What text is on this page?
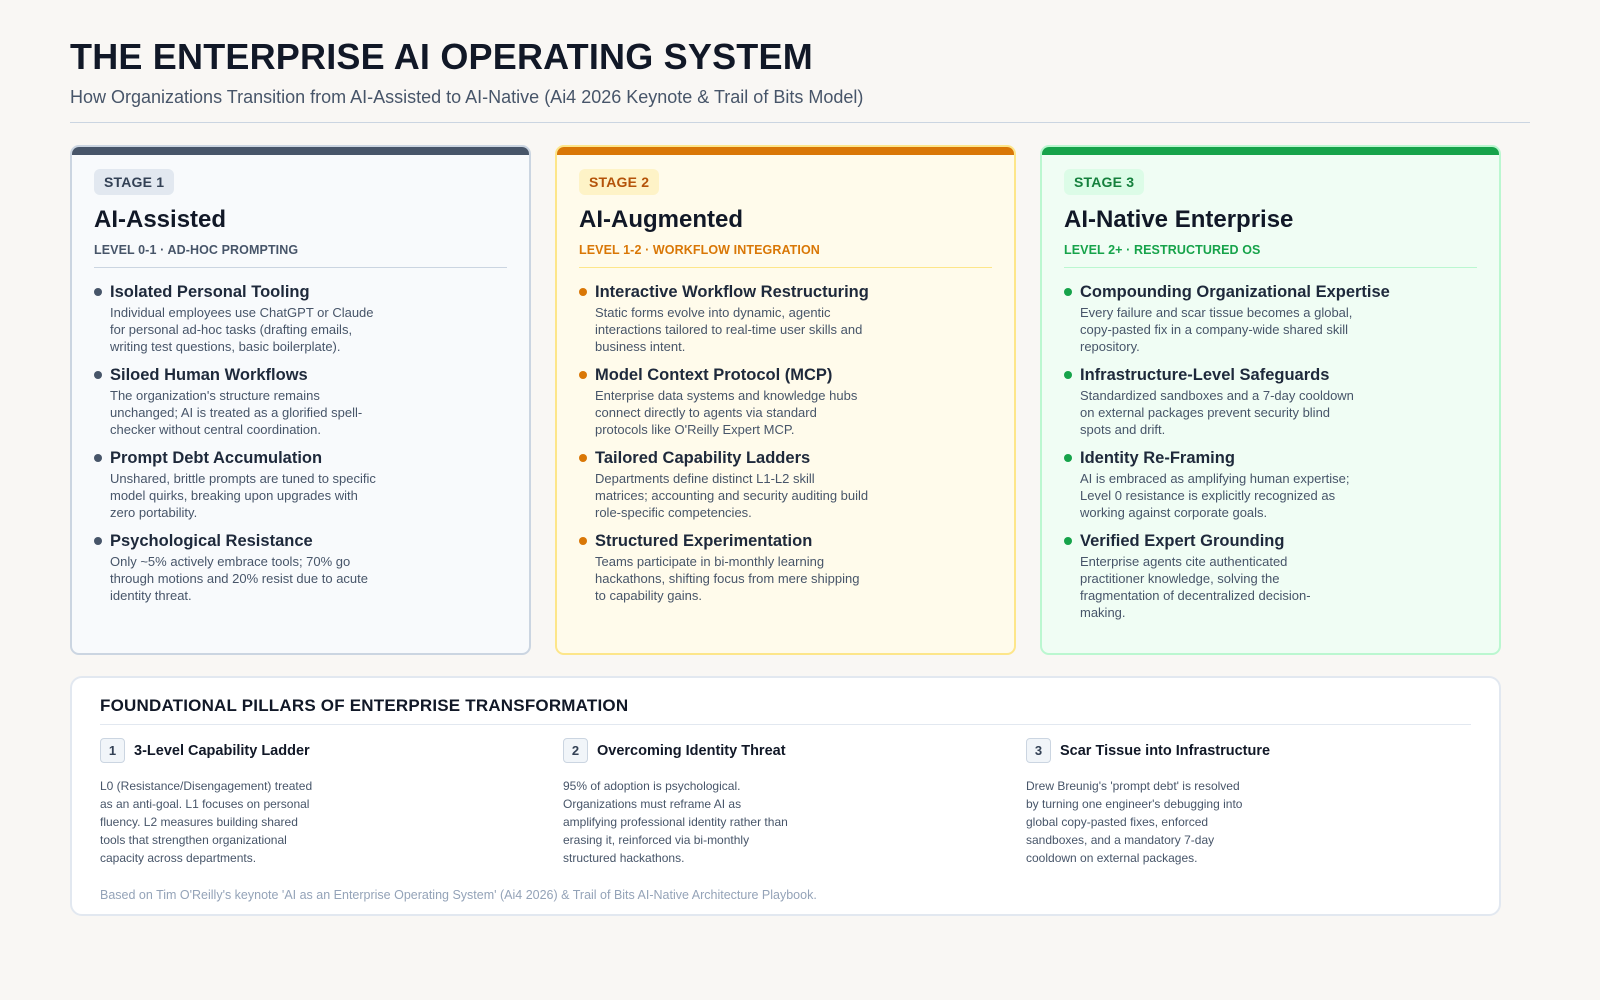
THE ENTERPRISE AI OPERATING SYSTEM
How Organizations Transition from AI-Assisted to AI-Native (Ai4 2026 Keynote & Trail of Bits Model)
STAGE 1
AI-Assisted
LEVEL 0-1 · AD-HOC PROMPTING
Isolated Personal Tooling
Individual employees use ChatGPT or Claude for personal ad-hoc tasks (drafting emails, writing test questions, basic boilerplate).
Siloed Human Workflows
The organization's structure remains unchanged; AI is treated as a glorified spell-checker without central coordination.
Prompt Debt Accumulation
Unshared, brittle prompts are tuned to specific model quirks, breaking upon upgrades with zero portability.
Psychological Resistance
Only ~5% actively embrace tools; 70% go through motions and 20% resist due to acute identity threat.
STAGE 2
AI-Augmented
LEVEL 1-2 · WORKFLOW INTEGRATION
Interactive Workflow Restructuring
Static forms evolve into dynamic, agentic interactions tailored to real-time user skills and business intent.
Model Context Protocol (MCP)
Enterprise data systems and knowledge hubs connect directly to agents via standard protocols like O'Reilly Expert MCP.
Tailored Capability Ladders
Departments define distinct L1-L2 skill matrices; accounting and security auditing build role-specific competencies.
Structured Experimentation
Teams participate in bi-monthly learning hackathons, shifting focus from mere shipping to capability gains.
STAGE 3
AI-Native Enterprise
LEVEL 2+ · RESTRUCTURED OS
Compounding Organizational Expertise
Every failure and scar tissue becomes a global, copy-pasted fix in a company-wide shared skill repository.
Infrastructure-Level Safeguards
Standardized sandboxes and a 7-day cooldown on external packages prevent security blind spots and drift.
Identity Re-Framing
AI is embraced as amplifying human expertise; Level 0 resistance is explicitly recognized as working against corporate goals.
Verified Expert Grounding
Enterprise agents cite authenticated practitioner knowledge, solving the fragmentation of decentralized decision-making.
FOUNDATIONAL PILLARS OF ENTERPRISE TRANSFORMATION
1	3-Level Capability Ladder
L0 (Resistance/Disengagement) treated as an anti-goal. L1 focuses on personal fluency. L2 measures building shared tools that strengthen organizational capacity across departments.
2	Overcoming Identity Threat
95% of adoption is psychological. Organizations must reframe AI as amplifying professional identity rather than erasing it, reinforced via bi-monthly structured hackathons.
3	Scar Tissue into Infrastructure
Drew Breunig's 'prompt debt' is resolved by turning one engineer's debugging into global copy-pasted fixes, enforced sandboxes, and a mandatory 7-day cooldown on external packages.
Based on Tim O'Reilly's keynote 'AI as an Enterprise Operating System' (Ai4 2026) & Trail of Bits AI-Native Architecture Playbook.
